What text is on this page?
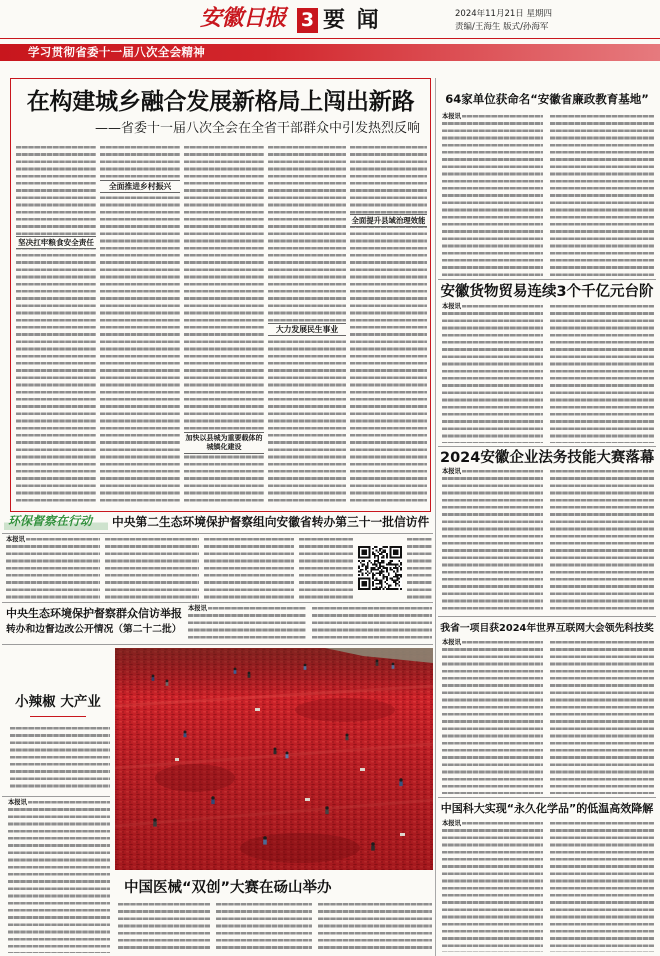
安徽日报 3 要 闻	2024年11月21日 星期四
责编/王海生 版式/孙海军
学习贯彻省委十一届八次全会精神
在构建城乡融合发展新格局上闯出新路
——省委十一届八次全会在全省干部群众中引发热烈反响
坚决扛牢粮食安全责任
全面推进乡村振兴
加快以县城为重要载体的城镇化建设
大力发展民生事业
全面提升县域治理效能
64家单位获命名“安徽省廉政教育基地”
本报讯
安徽货物贸易连续3个千亿元台阶
本报讯
2024安徽企业法务技能大赛落幕
本报讯
我省一项目获2024年世界互联网大会领先科技奖
本报讯
中国科大实现“永久化学品”的低温高效降解
本报讯
环保督察在行动	中央第二生态环境保护督察组向安徽省转办第三十一批信访件
本报讯
中央生态环境保护督察群众信访举报
转办和边督边改公开情况（第二十二批）
本报讯
小辣椒 大产业
本报讯
中国医械“双创”大赛在砀山举办
